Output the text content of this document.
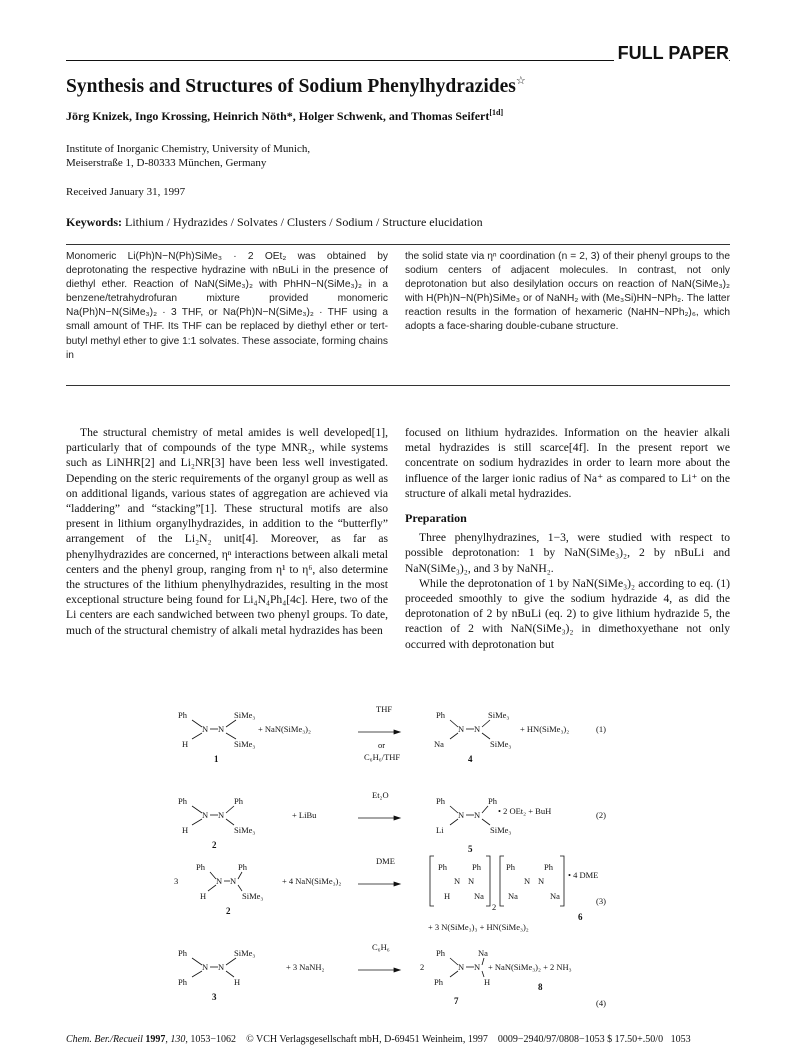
FULL PAPER
Synthesis and Structures of Sodium Phenylhydrazides☆
Jörg Knizek, Ingo Krossing, Heinrich Nöth*, Holger Schwenk, and Thomas Seifert[1d]
Institute of Inorganic Chemistry, University of Munich,
Meiserstraße 1, D-80333 München, Germany
Received January 31, 1997
Keywords: Lithium / Hydrazides / Solvates / Clusters / Sodium / Structure elucidation

Monomeric Li(Ph)N−N(Ph)SiMe₃ · 2 OEt₂ was obtained by deprotonating the respective hydrazine with nBuLi in the presence of diethyl ether. Reaction of NaN(SiMe₃)₂ with PhHN−N(SiMe₃)₂ in a benzene/tetrahydrofuran mixture provided monomeric Na(Ph)N−N(SiMe₃)₂ · 3 THF, or Na(Ph)N−N(SiMe₃)₂ · THF using a small amount of THF. Its THF can be replaced by diethyl ether or tert-butyl methyl ether to give 1:1 solvates. These associate, forming chains in

the solid state via ηⁿ coordination (n = 2, 3) of their phenyl groups to the sodium centers of adjacent molecules. In contrast, not only deprotonation but also desilylation occurs on reaction of NaN(SiMe₃)₂ with H(Ph)N−N(Ph)SiMe₃ or of NaNH₂ with (Me₃Si)HN−NPh₂. The latter reaction results in the formation of hexameric (NaHN−NPh₂)₆, which adopts a face-sharing double-cubane structure.

The structural chemistry of metal amides is well developed[1], particularly that of compounds of the type MNR₂, while systems such as LiNHR[2] and Li₂NR[3] have been less well investigated. Depending on the steric requirements of the organyl group as well as on additional ligands, various states of aggregation are achieved via “laddering” and “stacking”[1]. These structural motifs are also present in lithium organylhydrazides, in addition to the “butterfly” arrangement of the Li₂N₂ unit[4]. Moreover, as far as phenylhydrazides are concerned, ηⁿ interactions between alkali metal centers and the phenyl group, ranging from η¹ to η⁶, also determine the structures of the lithium phenylhydrazides, resulting in the most exceptional structure being found for Li₄N₄Ph₄[4c]. Here, two of the Li centers are each sandwiched between two phenyl groups. To date, much of the structural chemistry of alkali metal hydrazides has been

focused on lithium hydrazides. Information on the heavier alkali metal hydrazides is still scarce[4f]. In the present report we concentrate on sodium hydrazides in order to learn more about the influence of the larger ionic radius of Na⁺ as compared to Li⁺ on the structure of alkali metal hydrazides.

Preparation

Three phenylhydrazines, 1−3, were studied with respect to possible deprotonation: 1 by NaN(SiMe₃)₂, 2 by nBuLi and NaN(SiMe₃)₂, and 3 by NaNH₂.

While the deprotonation of 1 by NaN(SiMe₃)₂ according to eq. (1) proceeded smoothly to give the sodium hydrazide 4, as did the deprotonation of 2 by nBuLi (eq. 2) to give lithium hydrazide 5, the reaction of 2 with NaN(SiMe₃)₂ in dimethoxyethane not only occurred with deprotonation but

Ph	SiMe₃
N N
H	SiMe₃
1
+ NaN(SiMe₃)₂
THF
or
C₆H₆/THF
Ph	SiMe₃
N N
Na	SiMe₃
4
+ HN(SiMe₃)₂	(1)
Ph	Ph
N N
H	SiMe₃
2
+ LiBu
Et₂O
Ph	Ph
N N
Li	SiMe₃
5
• 2 OEt₂ + BuH	(2)
3
Ph	Ph
N N
H	SiMe₃
2
+ 4 NaN(SiMe₃)₂
DME
Ph	Ph
N N
H	Na
2
Ph	Ph
N N
Na	Na
• 4 DME
(3)
6
+ 3 N(SiMe₃)₃ + HN(SiMe₃)₂
Ph	SiMe₃
N N
Ph	H
3
+ 3 NaNH₂
C₆H₆
2
Ph	Na
N N
Ph	H
7
+ NaN(SiMe₃)₂ + 2 NH₃
8
(4)
Chem. Ber./Recueil 1997, 130, 1053−1062 © VCH Verlagsgesellschaft mbH, D-69451 Weinheim, 1997 0009−2940/97/0808−1053 $ 17.50+.50/0 1053
